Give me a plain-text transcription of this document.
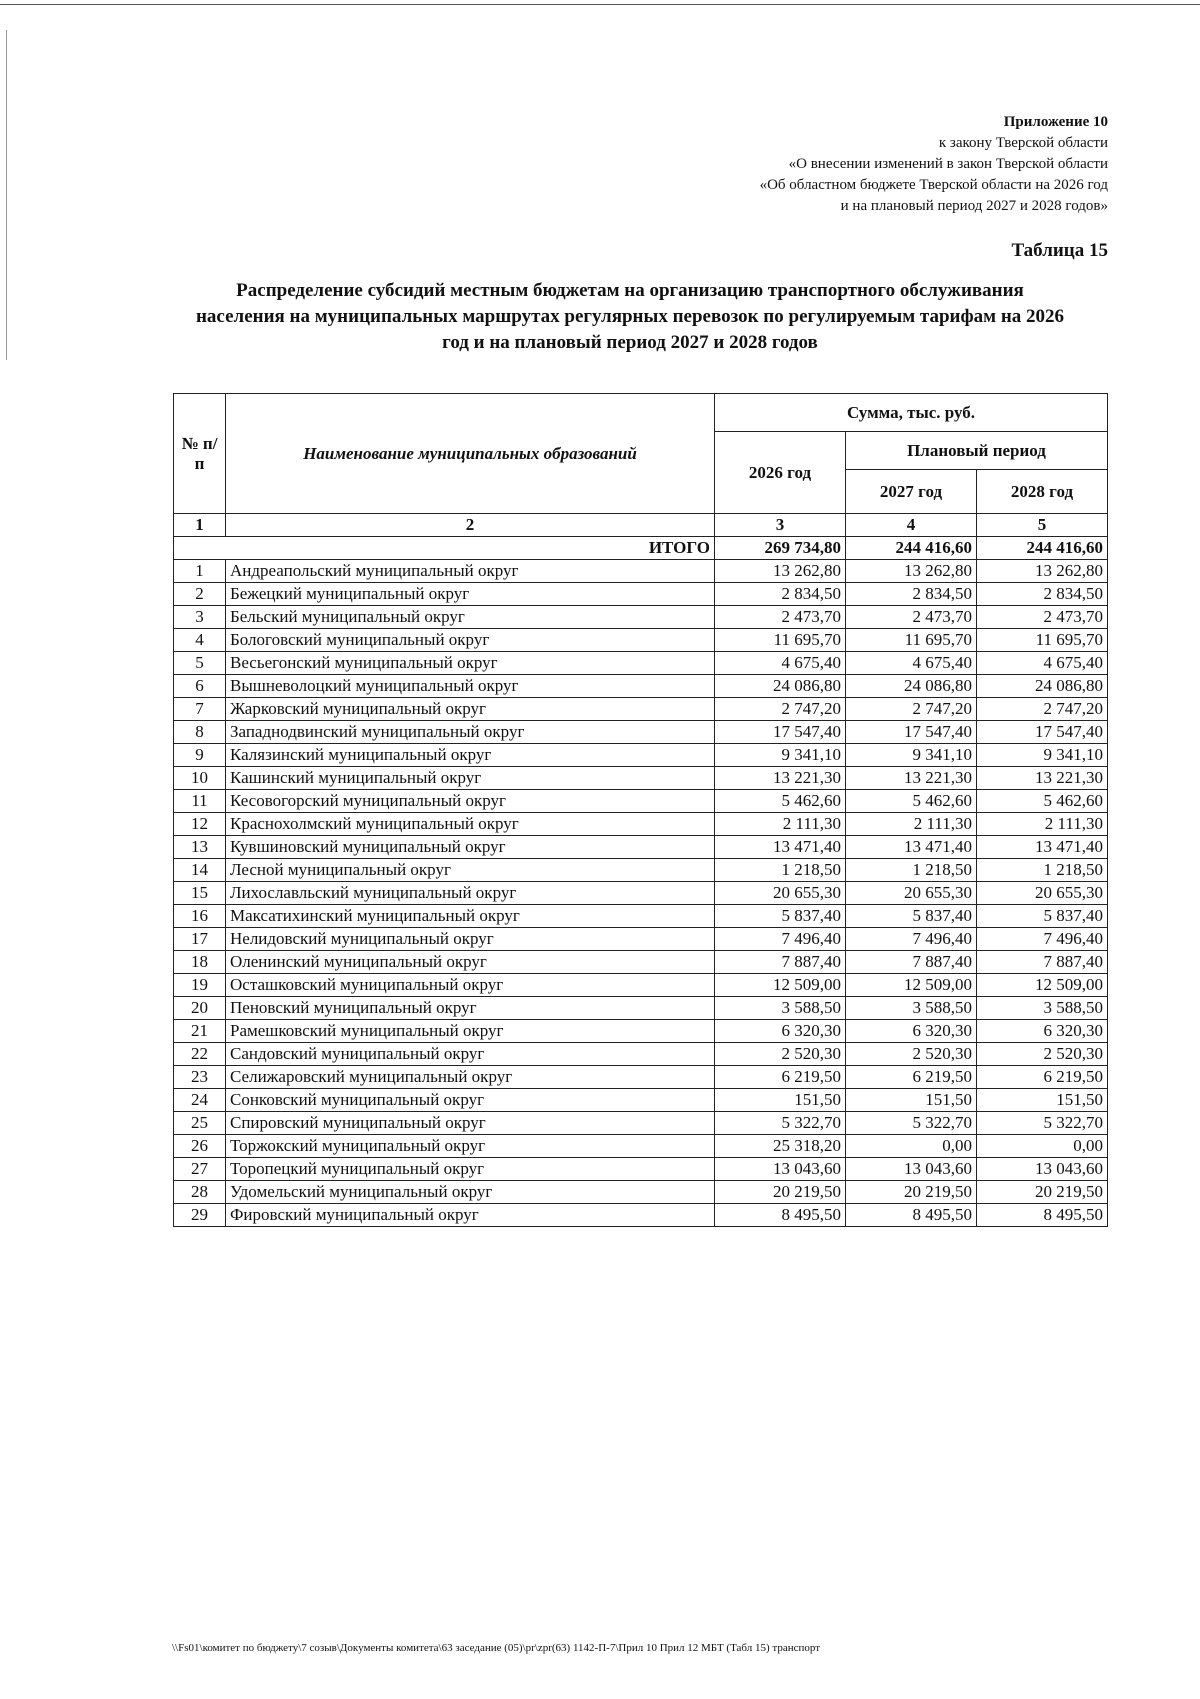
Приложение 10
к закону Тверской области
«О внесении изменений в закон Тверской области
«Об областном бюджете Тверской области на 2026 год
и на плановый период 2027 и 2028 годов»
Таблица 15
Распределение субсидий местным бюджетам на организацию транспортного обслуживания
населения на муниципальных маршрутах регулярных перевозок по регулируемым тарифам на 2026
год и на плановый период 2027 и 2028 годов
№ п/п	Наименование муниципальных образований	Сумма, тыс. руб.		
		2026 год	Плановый период	
			2027 год	2028 год
1	2	3	4	5
ИТОГО		269 734,80	244 416,60	244 416,60
1	Андреапольский муниципальный округ	13 262,80	13 262,80	13 262,80
2	Бежецкий муниципальный округ	2 834,50	2 834,50	2 834,50
3	Бельский муниципальный округ	2 473,70	2 473,70	2 473,70
4	Бологовский муниципальный округ	11 695,70	11 695,70	11 695,70
5	Весьегонский муниципальный округ	4 675,40	4 675,40	4 675,40
6	Вышневолоцкий муниципальный округ	24 086,80	24 086,80	24 086,80
7	Жарковский муниципальный округ	2 747,20	2 747,20	2 747,20
8	Западнодвинский муниципальный округ	17 547,40	17 547,40	17 547,40
9	Калязинский муниципальный округ	9 341,10	9 341,10	9 341,10
10	Кашинский муниципальный округ	13 221,30	13 221,30	13 221,30
11	Кесовогорский муниципальный округ	5 462,60	5 462,60	5 462,60
12	Краснохолмский муниципальный округ	2 111,30	2 111,30	2 111,30
13	Кувшиновский муниципальный округ	13 471,40	13 471,40	13 471,40
14	Лесной муниципальный округ	1 218,50	1 218,50	1 218,50
15	Лихославльский муниципальный округ	20 655,30	20 655,30	20 655,30
16	Максатихинский муниципальный округ	5 837,40	5 837,40	5 837,40
17	Нелидовский муниципальный округ	7 496,40	7 496,40	7 496,40
18	Оленинский муниципальный округ	7 887,40	7 887,40	7 887,40
19	Осташковский муниципальный округ	12 509,00	12 509,00	12 509,00
20	Пеновский муниципальный округ	3 588,50	3 588,50	3 588,50
21	Рамешковский муниципальный округ	6 320,30	6 320,30	6 320,30
22	Сандовский муниципальный округ	2 520,30	2 520,30	2 520,30
23	Селижаровский муниципальный округ	6 219,50	6 219,50	6 219,50
24	Сонковский муниципальный округ	151,50	151,50	151,50
25	Спировский муниципальный округ	5 322,70	5 322,70	5 322,70
26	Торжокский муниципальный округ	25 318,20	0,00	0,00
27	Торопецкий муниципальный округ	13 043,60	13 043,60	13 043,60
28	Удомельский муниципальный округ	20 219,50	20 219,50	20 219,50
29	Фировский муниципальный округ	8 495,50	8 495,50	8 495,50
\\Fs01\комитет по бюджету\7 созыв\Документы комитета\63 заседание (05)\pr\zpr(63) 1142-П-7\Прил 10 Прил 12 МБТ (Табл 15) транспорт
